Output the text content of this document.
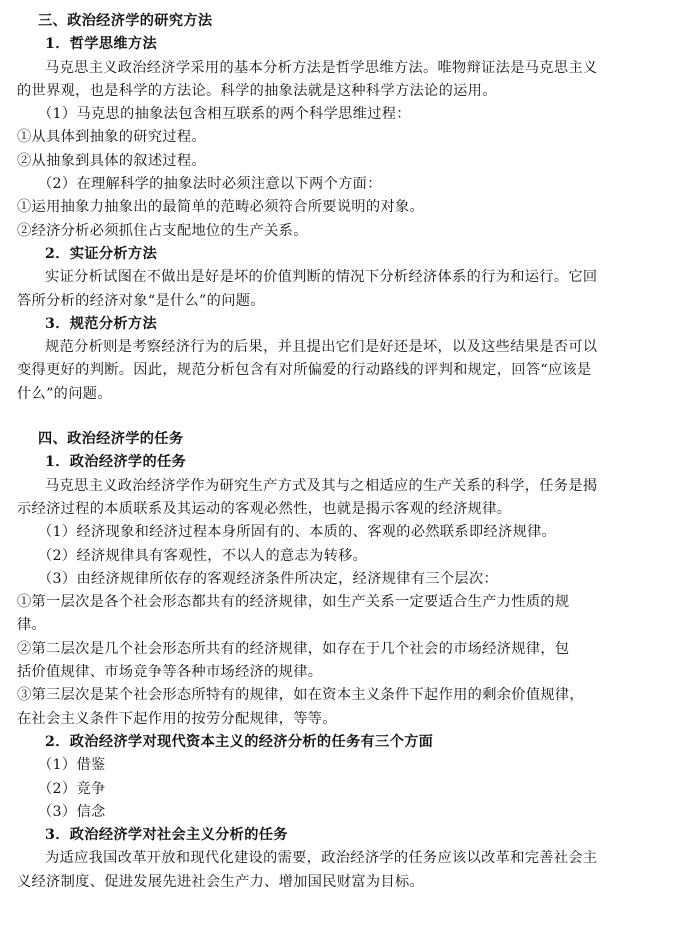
三、政治经济学的研究方法
1．哲学思维方法
马克思主义政治经济学采用的基本分析方法是哲学思维方法。唯物辩证法是马克思主义
的世界观，也是科学的方法论。科学的抽象法就是这种科学方法论的运用。
（1）马克思的抽象法包含相互联系的两个科学思维过程：
①从具体到抽象的研究过程。
②从抽象到具体的叙述过程。
（2）在理解科学的抽象法时必须注意以下两个方面：
①运用抽象力抽象出的最简单的范畴必须符合所要说明的对象。
②经济分析必须抓住占支配地位的生产关系。
2．实证分析方法
实证分析试图在不做出是好是坏的价值判断的情况下分析经济体系的行为和运行。它回
答所分析的经济对象“是什么”的问题。
3．规范分析方法
规范分析则是考察经济行为的后果，并且提出它们是好还是坏，以及这些结果是否可以
变得更好的判断。因此，规范分析包含有对所偏爱的行动路线的评判和规定，回答“应该是
什么”的问题。
四、政治经济学的任务
1．政治经济学的任务
马克思主义政治经济学作为研究生产方式及其与之相适应的生产关系的科学，任务是揭
示经济过程的本质联系及其运动的客观必然性，也就是揭示客观的经济规律。
（1）经济现象和经济过程本身所固有的、本质的、客观的必然联系即经济规律。
（2）经济规律具有客观性，不以人的意志为转移。
（3）由经济规律所依存的客观经济条件所决定，经济规律有三个层次：
①第一层次是各个社会形态都共有的经济规律，如生产关系一定要适合生产力性质的规
律。
②第二层次是几个社会形态所共有的经济规律，如存在于几个社会的市场经济规律，包
括价值规律、市场竞争等各种市场经济的规律。
③第三层次是某个社会形态所特有的规律，如在资本主义条件下起作用的剩余价值规律，
在社会主义条件下起作用的按劳分配规律，等等。
2．政治经济学对现代资本主义的经济分析的任务有三个方面
（1）借鉴
（2）竞争
（3）信念
3．政治经济学对社会主义分析的任务
为适应我国改革开放和现代化建设的需要，政治经济学的任务应该以改革和完善社会主
义经济制度、促进发展先进社会生产力、增加国民财富为目标。
